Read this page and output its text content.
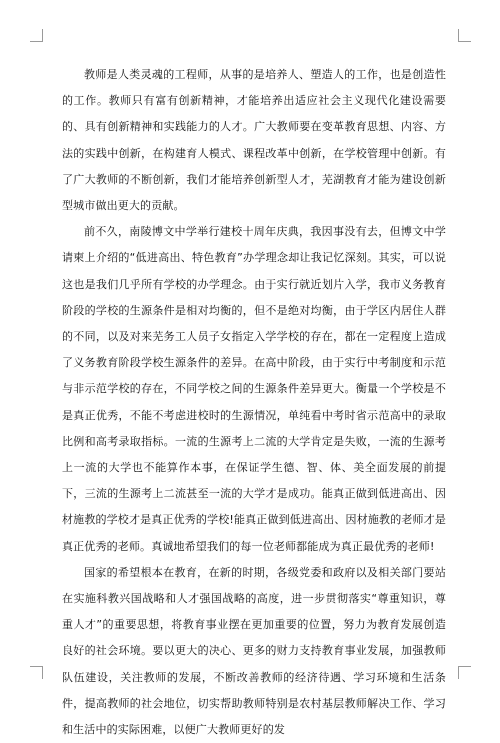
教师是人类灵魂的工程师，从事的是培养人、塑造人的工作，也是创造性的工作。教师只有富有创新精神，才能培养出适应社会主义现代化建设需要的、具有创新精神和实践能力的人才。广大教师要在变革教育思想、内容、方法的实践中创新，在构建育人模式、课程改革中创新，在学校管理中创新。有了广大教师的不断创新，我们才能培养创新型人才，芜湖教育才能为建设创新型城市做出更大的贡献。

前不久，南陵博文中学举行建校十周年庆典，我因事没有去，但博文中学请柬上介绍的“低进高出、特色教育”办学理念却让我记忆深刻。其实，可以说这也是我们几乎所有学校的办学理念。由于实行就近划片入学，我市义务教育阶段的学校的生源条件是相对均衡的，但不是绝对均衡，由于学区内居住人群的不同，以及对来芜务工人员子女指定入学学校的存在，都在一定程度上造成了义务教育阶段学校生源条件的差异。在高中阶段，由于实行中考制度和示范与非示范学校的存在，不同学校之间的生源条件差异更大。衡量一个学校是不是真正优秀，不能不考虑进校时的生源情况，单纯看中考时省示范高中的录取比例和高考录取指标。一流的生源考上二流的大学肯定是失败，一流的生源考上一流的大学也不能算作本事，在保证学生德、智、体、美全面发展的前提下，三流的生源考上二流甚至一流的大学才是成功。能真正做到低进高出、因材施教的学校才是真正优秀的学校!能真正做到低进高出、因材施教的老师才是真正优秀的老师。真诚地希望我们的每一位老师都能成为真正最优秀的老师!

国家的希望根本在教育，在新的时期，各级党委和政府以及相关部门要站在实施科教兴国战略和人才强国战略的高度，进一步贯彻落实“尊重知识，尊重人才”的重要思想，将教育事业摆在更加重要的位置，努力为教育发展创造良好的社会环境。要以更大的决心、更多的财力支持教育事业发展，加强教师队伍建设，关注教师的发展，不断改善教师的经济待遇、学习环境和生活条件，提高教师的社会地位，切实帮助教师特别是农村基层教师解决工作、学习和生活中的实际困难，以便广大教师更好的发
